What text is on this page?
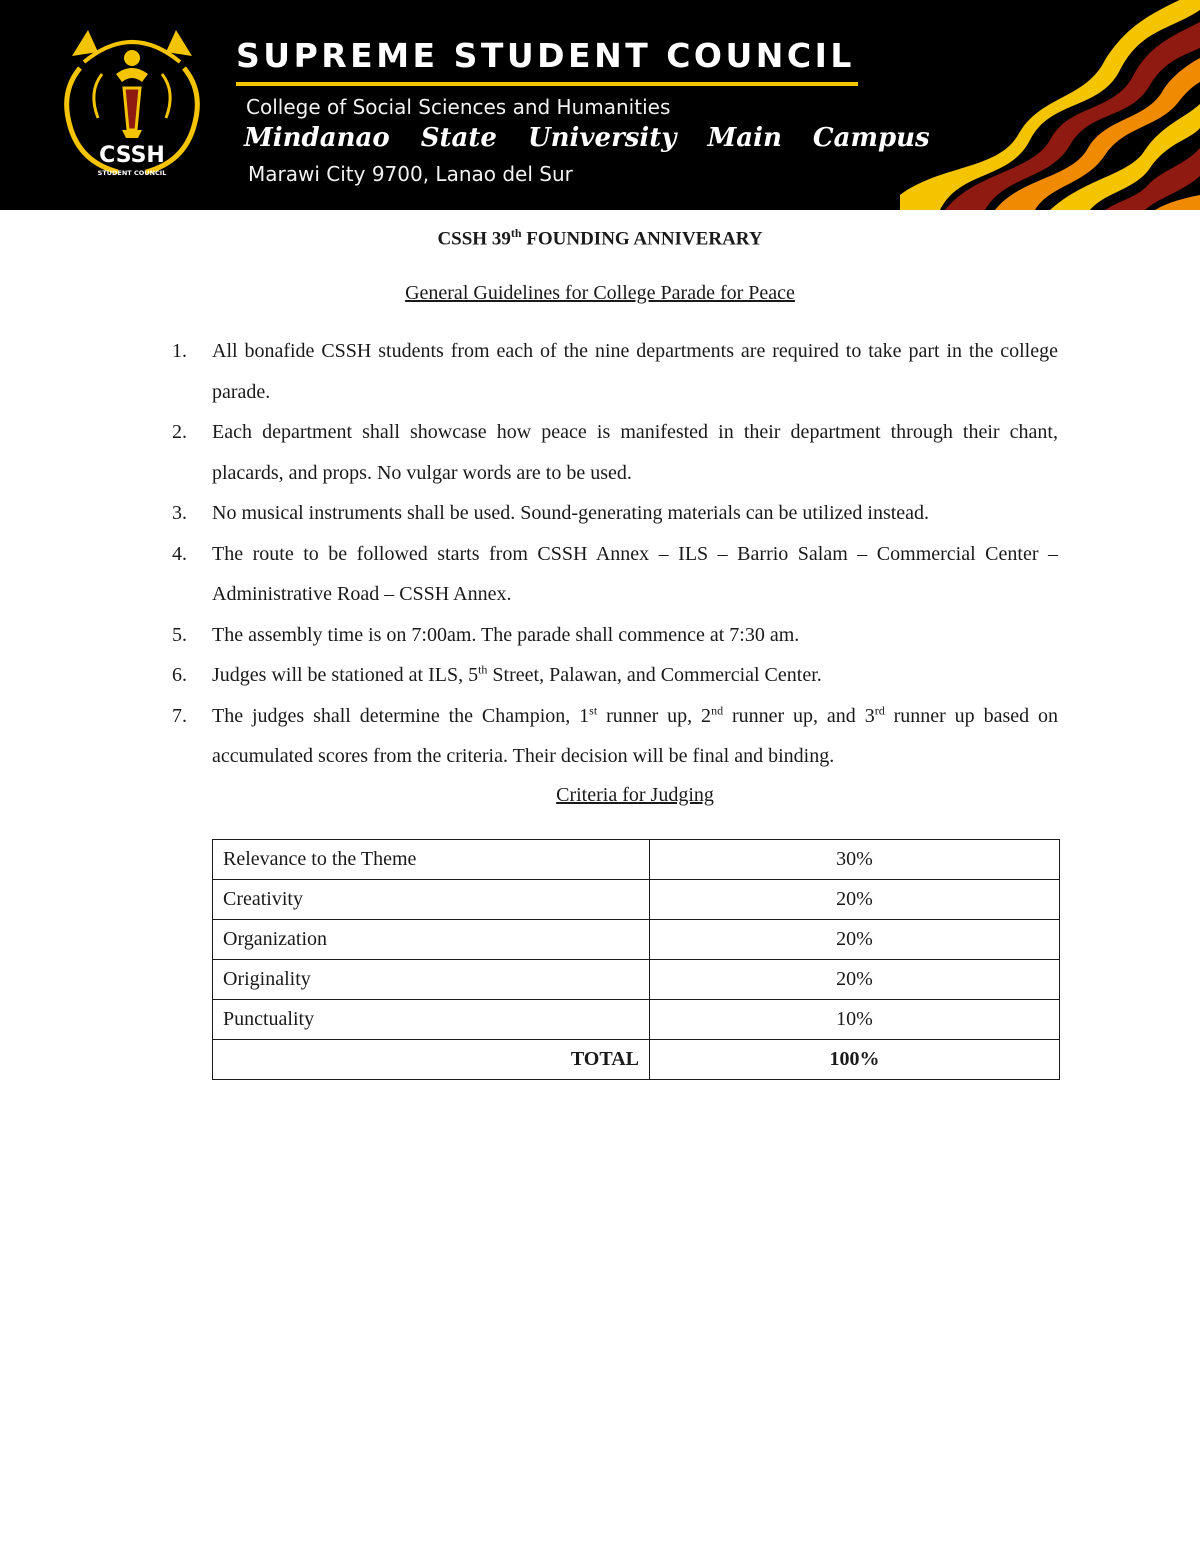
CSSH
STUDENT COUNCIL
SUPREME STUDENT COUNCIL

College of Social Sciences and Humanities

Mindanao State University Main Campus

Marawi City 9700, Lanao del Sur

CSSH 39th FOUNDING ANNIVERARY

General Guidelines for College Parade for Peace

1. All bonafide CSSH students from each of the nine departments are required to take part in the college parade.
2. Each department shall showcase how peace is manifested in their department through their chant, placards, and props. No vulgar words are to be used.
3. No musical instruments shall be used. Sound-generating materials can be utilized instead.
4. The route to be followed starts from CSSH Annex – ILS – Barrio Salam – Commercial Center – Administrative Road – CSSH Annex.
5. The assembly time is on 7:00am. The parade shall commence at 7:30 am.
6. Judges will be stationed at ILS, 5th Street, Palawan, and Commercial Center.
7. The judges shall determine the Champion, 1st runner up, 2nd runner up, and 3rd runner up based on accumulated scores from the criteria. Their decision will be final and binding.

Criteria for Judging

Relevance to the Theme	30%
Creativity	20%
Organization	20%
Originality	20%
Punctuality	10%
TOTAL	100%
